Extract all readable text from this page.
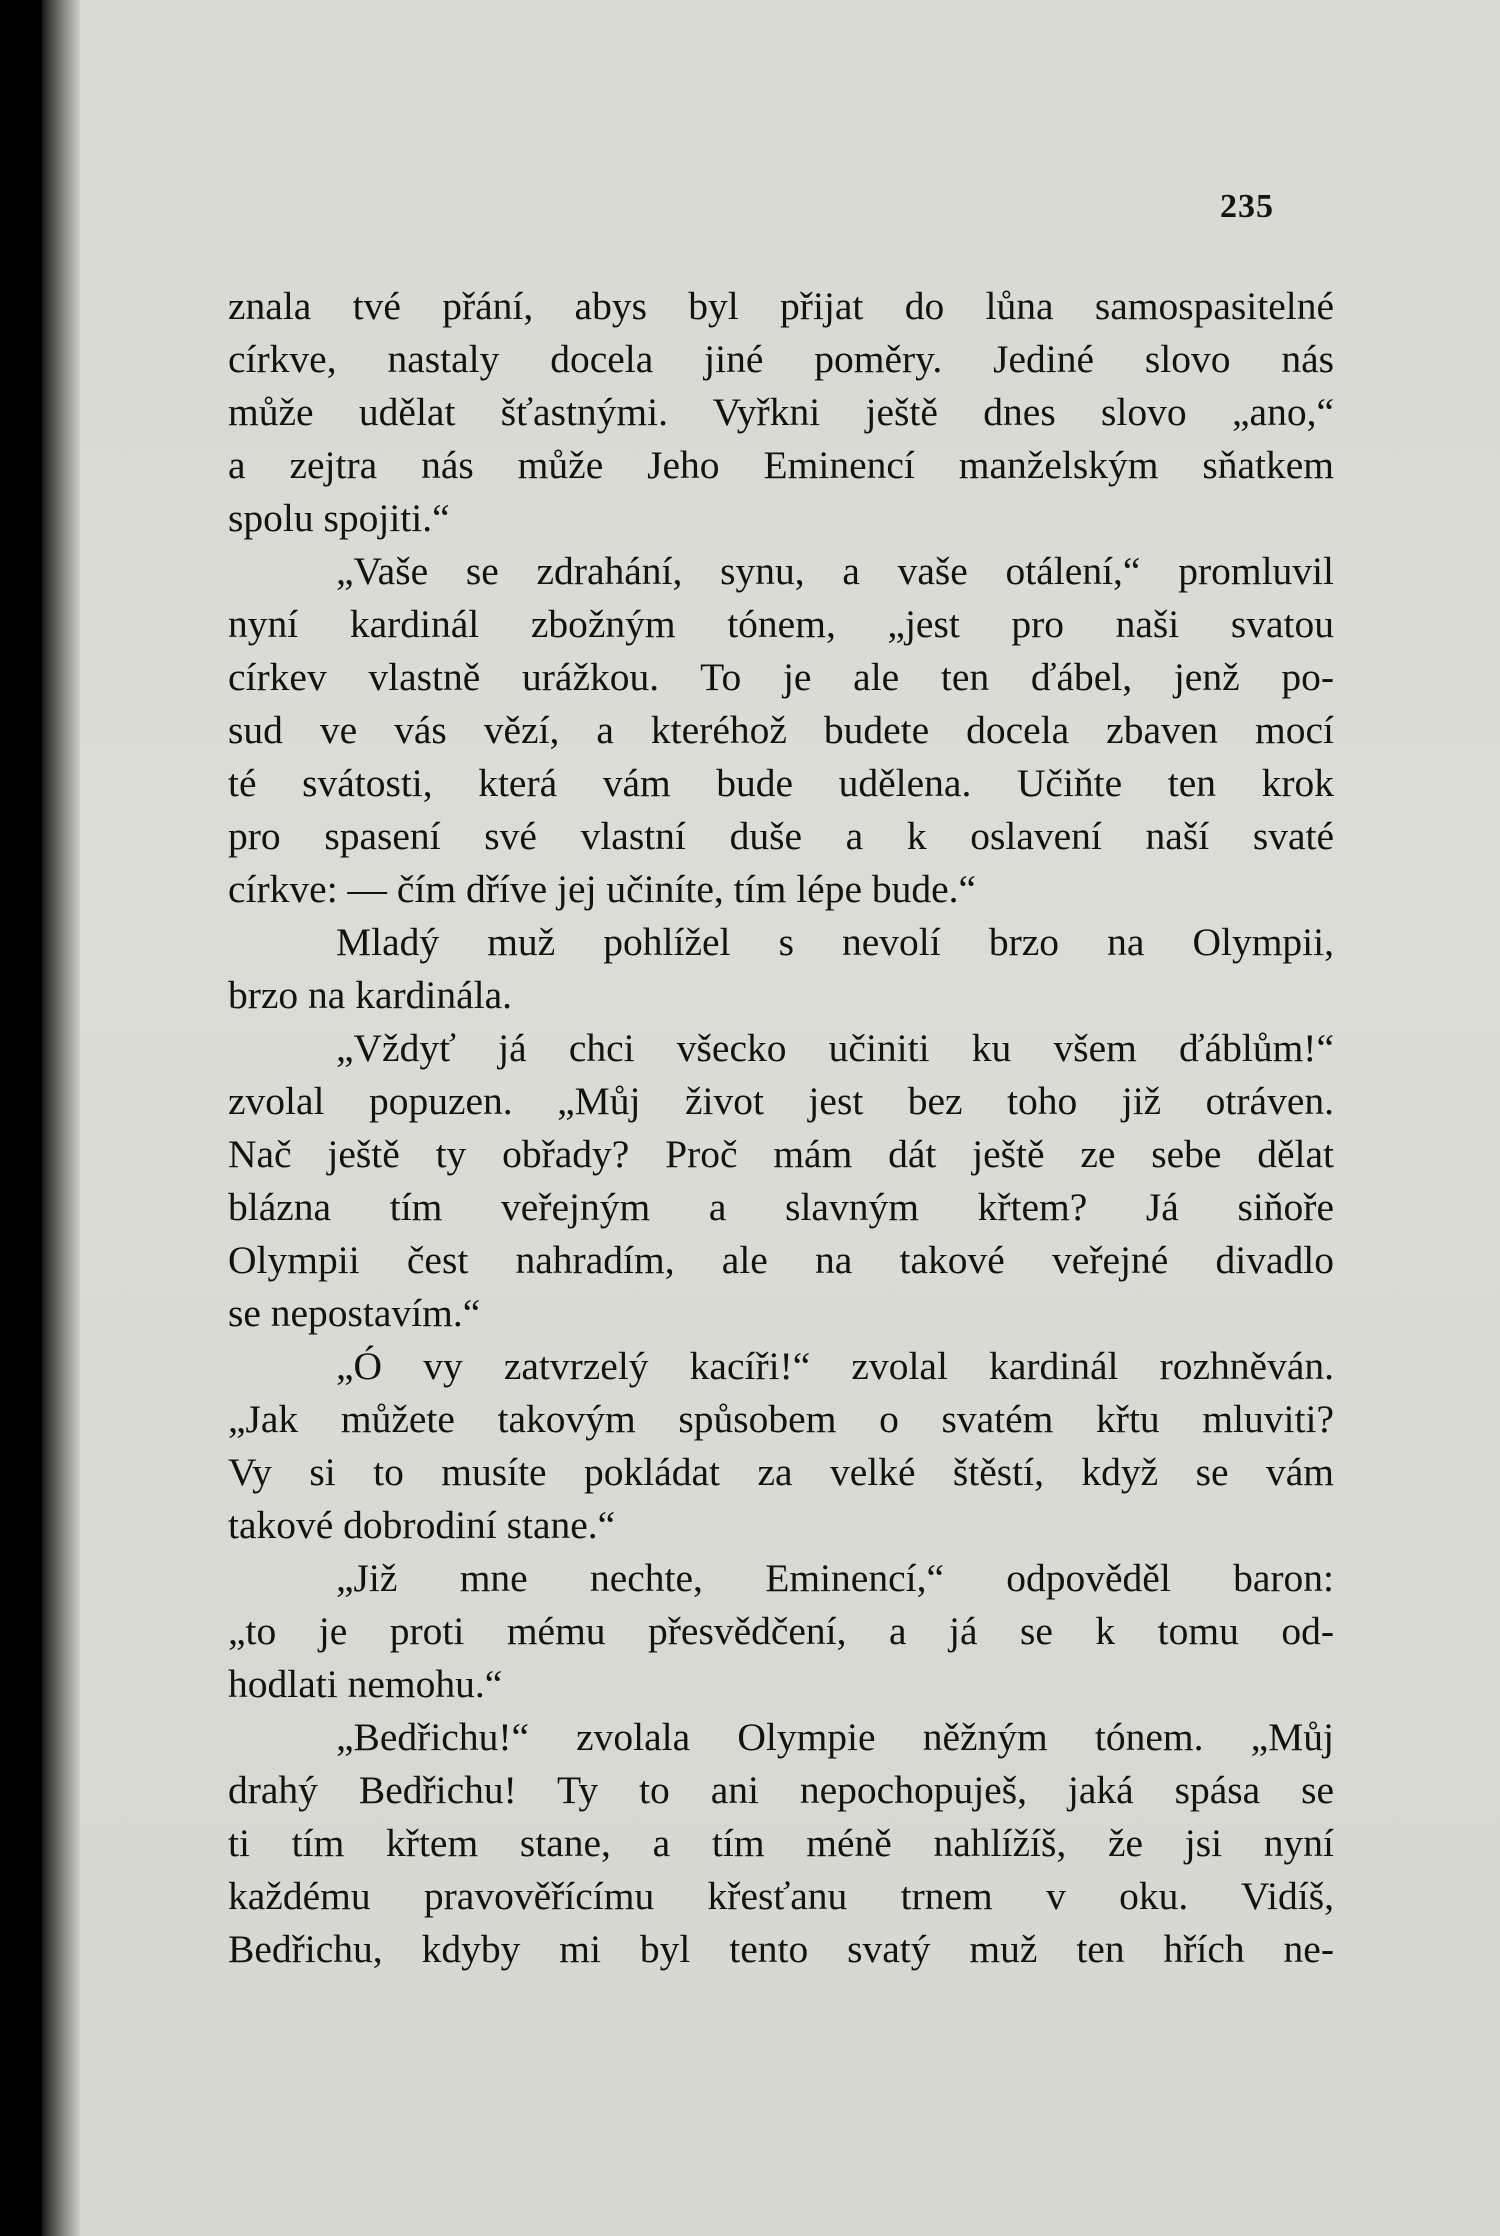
235
znala tvé přání, abys byl přijat do lůna samospasitelné
církve, nastaly docela jiné poměry. Jediné slovo nás
může udělat šťastnými. Vyřkni ještě dnes slovo „ano,“
a zejtra nás může Jeho Eminencí manželským sňatkem
spolu spojiti.“
„Vaše se zdrahání, synu, a vaše otálení,“ promluvil
nyní kardinál zbožným tónem, „jest pro naši svatou
církev vlastně urážkou. To je ale ten ďábel, jenž po-
sud ve vás vězí, a kteréhož budete docela zbaven mocí
té svátosti, která vám bude udělena. Učiňte ten krok
pro spasení své vlastní duše a k oslavení naší svaté
církve: — čím dříve jej učiníte, tím lépe bude.“
Mladý muž pohlížel s nevolí brzo na Olympii,
brzo na kardinála.
„Vždyť já chci všecko učiniti ku všem ďáblům!“
zvolal popuzen. „Můj život jest bez toho již otráven.
Nač ještě ty obřady? Proč mám dát ještě ze sebe dělat
blázna tím veřejným a slavným křtem? Já siňoře
Olympii čest nahradím, ale na takové veřejné divadlo
se nepostavím.“
„Ó vy zatvrzelý kacíři!“ zvolal kardinál rozhněván.
„Jak můžete takovým spůsobem o svatém křtu mluviti?
Vy si to musíte pokládat za velké štěstí, když se vám
takové dobrodiní stane.“
„Již mne nechte, Eminencí,“ odpověděl baron:
„to je proti mému přesvědčení, a já se k tomu od-
hodlati nemohu.“
„Bedřichu!“ zvolala Olympie něžným tónem. „Můj
drahý Bedřichu! Ty to ani nepochopuješ, jaká spása se
ti tím křtem stane, a tím méně nahlížíš, že jsi nyní
každému pravověřícímu křesťanu trnem v oku. Vidíš,
Bedřichu, kdyby mi byl tento svatý muž ten hřích ne-
